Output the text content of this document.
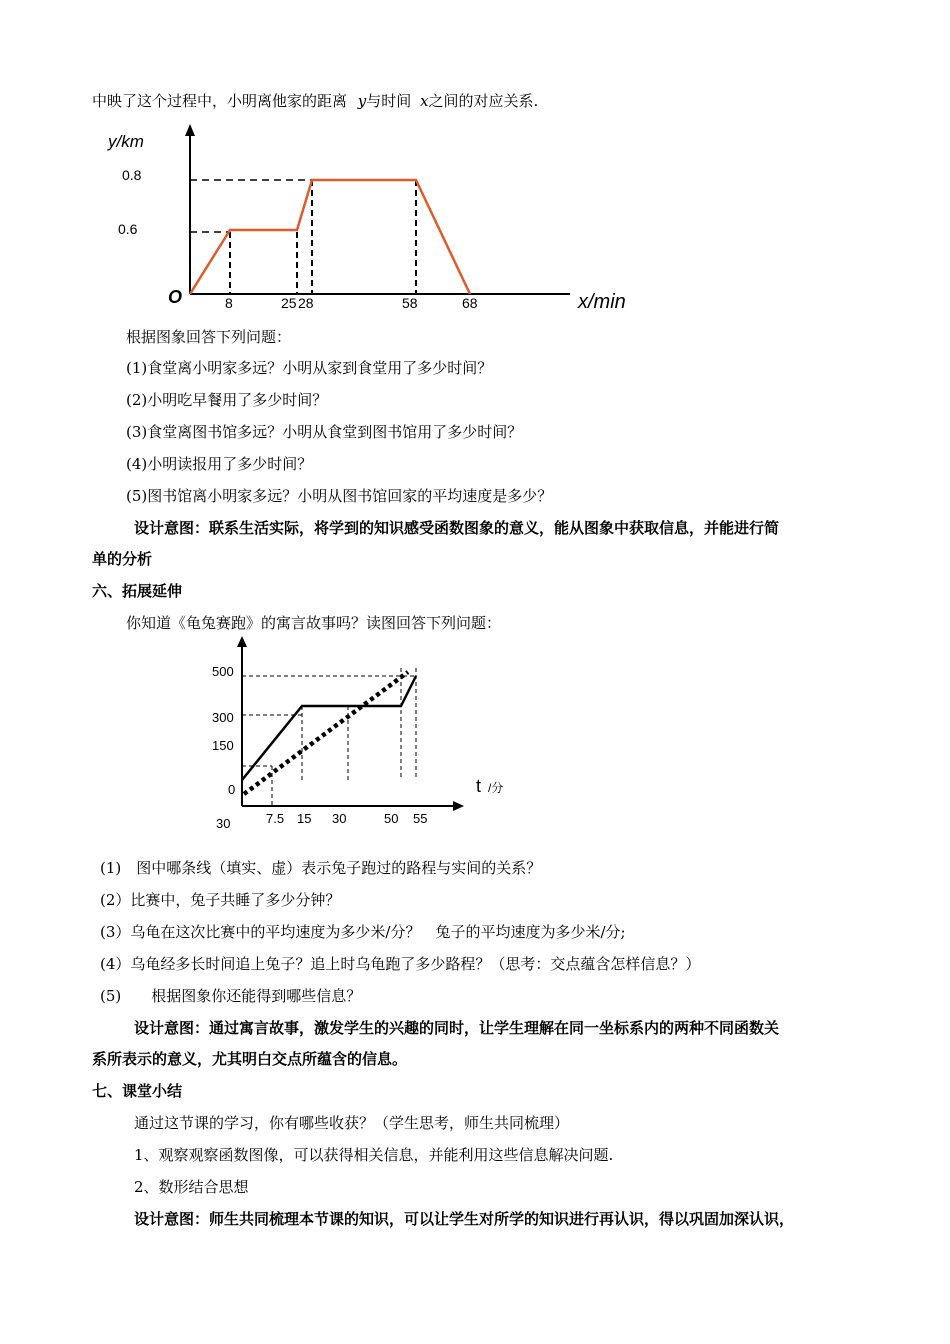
中映了这个过程中，小明离他家的距离 y与时间 x之间的对应关系.
y/km
0.8
0.6
O	8	25 28	58	68	x/min
根据图象回答下列问题：
(1)食堂离小明家多远？小明从家到食堂用了多少时间？
(2)小明吃早餐用了多少时间？
(3)食堂离图书馆多远？小明从食堂到图书馆用了多少时间？
(4)小明读报用了多少时间？
(5)图书馆离小明家多远？小明从图书馆回家的平均速度是多少？
设计意图：联系生活实际，将学到的知识感受函数图象的意义，能从图象中获取信息，并能进行简
单的分析
六、拓展延伸
你知道《龟兔赛跑》的寓言故事吗？读图回答下列问题：
500
300
150
0
30	7.5 15 30	50 55
t /分
(1)　图中哪条线（填实、虚）表示兔子跑过的路程与实间的关系？
(2）比赛中，兔子共睡了多少分钟？
(3）乌龟在这次比赛中的平均速度为多少米/分？　兔子的平均速度为多少米/分;
(4）乌龟经多长时间追上兔子？追上时乌龟跑了多少路程？（思考：交点蕴含怎样信息？）
(5)　　根据图象你还能得到哪些信息？
设计意图：通过寓言故事，激发学生的兴趣的同时，让学生理解在同一坐标系内的两种不同函数关
系所表示的意义，尤其明白交点所蕴含的信息。
七、课堂小结
通过这节课的学习，你有哪些收获？（学生思考，师生共同梳理）
1、观察观察函数图像，可以获得相关信息，并能利用这些信息解决问题.
2、数形结合思想
设计意图：师生共同梳理本节课的知识，可以让学生对所学的知识进行再认识，得以巩固加深认识，
